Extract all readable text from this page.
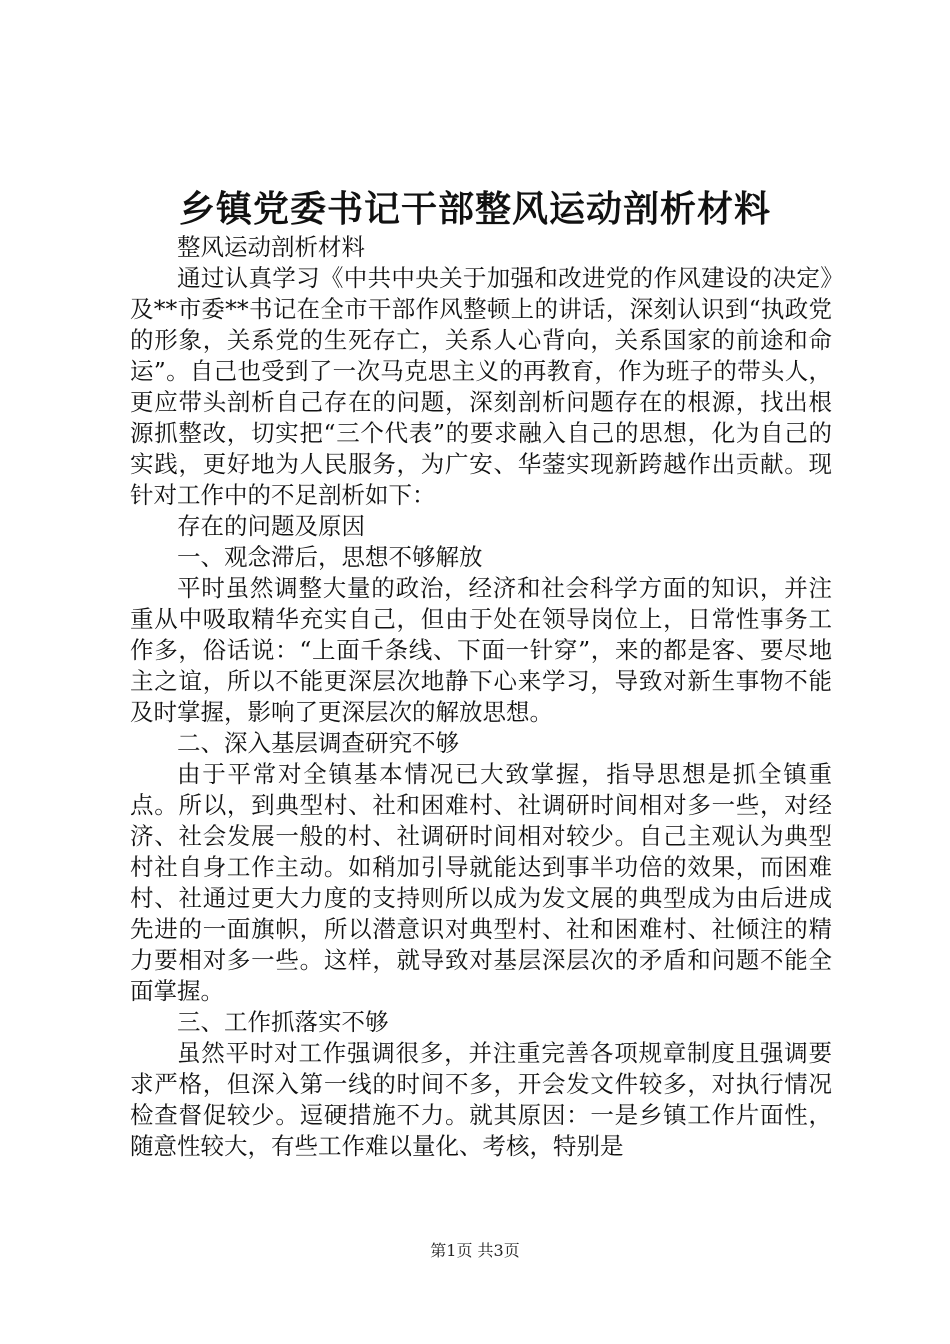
乡镇党委书记干部整风运动剖析材料

整风运动剖析材料

通过认真学习《中共中央关于加强和改进党的作风建设的决定》及**市委**书记在全市干部作风整顿上的讲话，深刻认识到“执政党的形象，关系党的生死存亡，关系人心背向，关系国家的前途和命运”。自己也受到了一次马克思主义的再教育，作为班子的带头人，更应带头剖析自己存在的问题，深刻剖析问题存在的根源，找出根源抓整改，切实把“三个代表”的要求融入自己的思想，化为自己的实践，更好地为人民服务，为广安、华蓥实现新跨越作出贡献。现针对工作中的不足剖析如下：

存在的问题及原因

一、观念滞后，思想不够解放

平时虽然调整大量的政治，经济和社会科学方面的知识，并注重从中吸取精华充实自己，但由于处在领导岗位上，日常性事务工作多，俗话说：“上面千条线、下面一针穿”，来的都是客、要尽地主之谊，所以不能更深层次地静下心来学习，导致对新生事物不能及时掌握，影响了更深层次的解放思想。

二、深入基层调查研究不够

由于平常对全镇基本情况已大致掌握，指导思想是抓全镇重点。所以，到典型村、社和困难村、社调研时间相对多一些，对经济、社会发展一般的村、社调研时间相对较少。自己主观认为典型村社自身工作主动。如稍加引导就能达到事半功倍的效果，而困难村、社通过更大力度的支持则所以成为发文展的典型成为由后进成先进的一面旗帜，所以潜意识对典型村、社和困难村、社倾注的精力要相对多一些。这样，就导致对基层深层次的矛盾和问题不能全面掌握。

三、工作抓落实不够

虽然平时对工作强调很多，并注重完善各项规章制度且强调要求严格，但深入第一线的时间不多，开会发文件较多，对执行情况检查督促较少。逗硬措施不力。就其原因：一是乡镇工作片面性，随意性较大，有些工作难以量化、考核，特别是

第1页 共3页
